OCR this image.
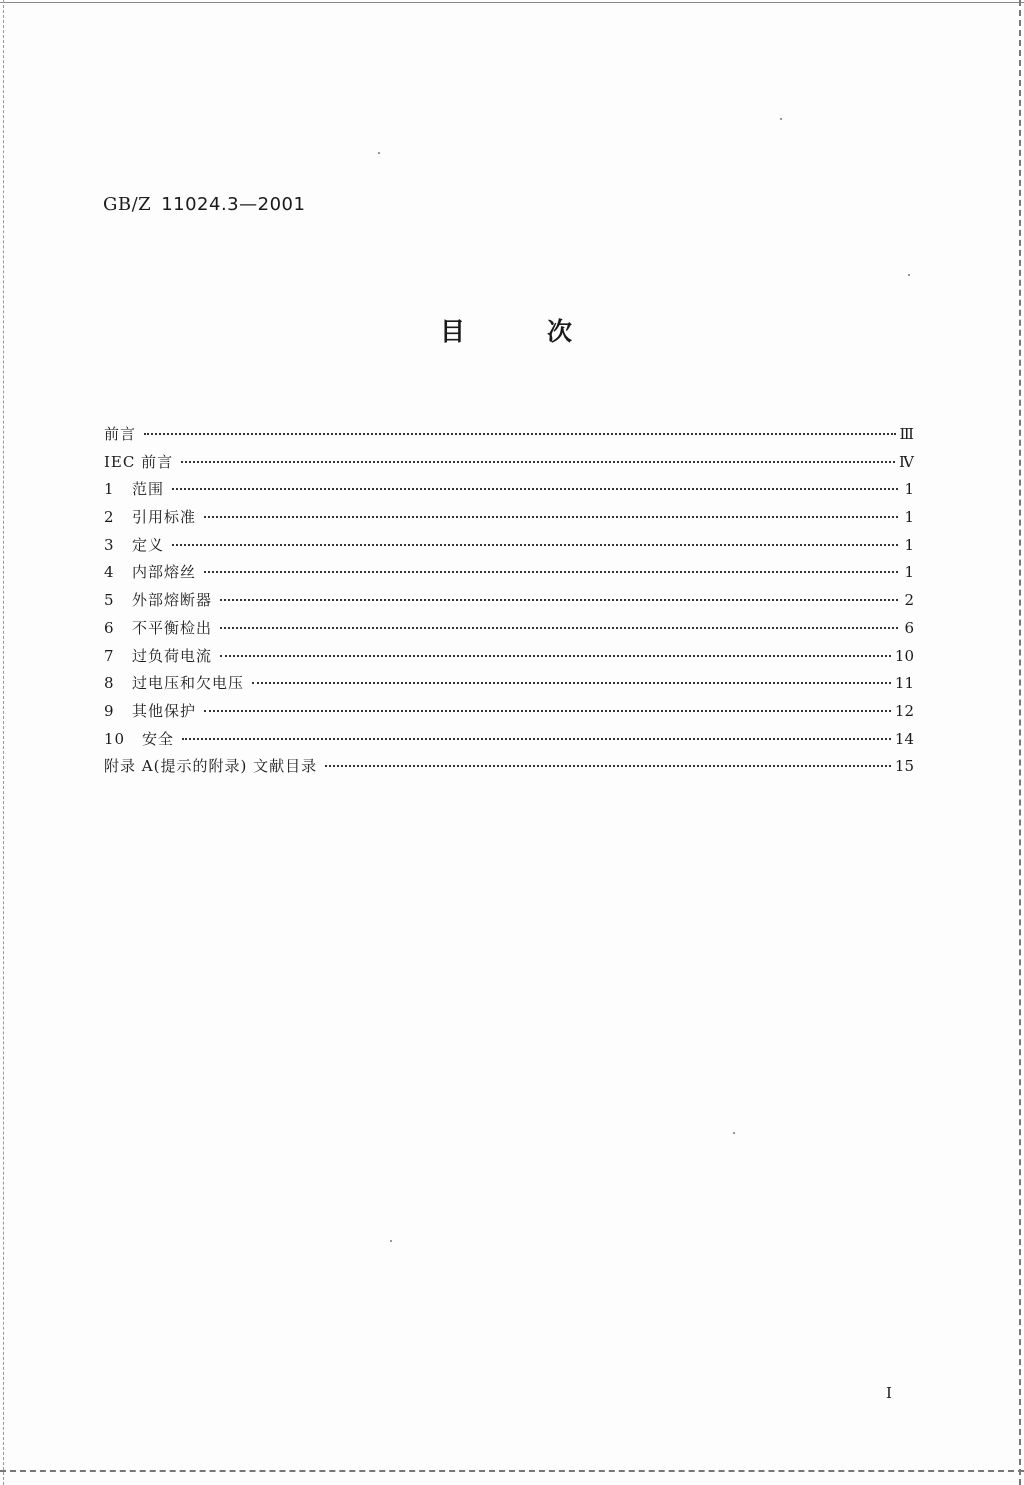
GB/Z 11024.3—2001
目次
前言	Ⅲ
IEC 前言	Ⅳ
1 范围	1
2 引用标准	1
3 定义	1
4 内部熔丝	1
5 外部熔断器	2
6 不平衡检出	6
7 过负荷电流	10
8 过电压和欠电压	11
9 其他保护	12
10 安全	14
附录 A(提示的附录) 文献目录	15
I
